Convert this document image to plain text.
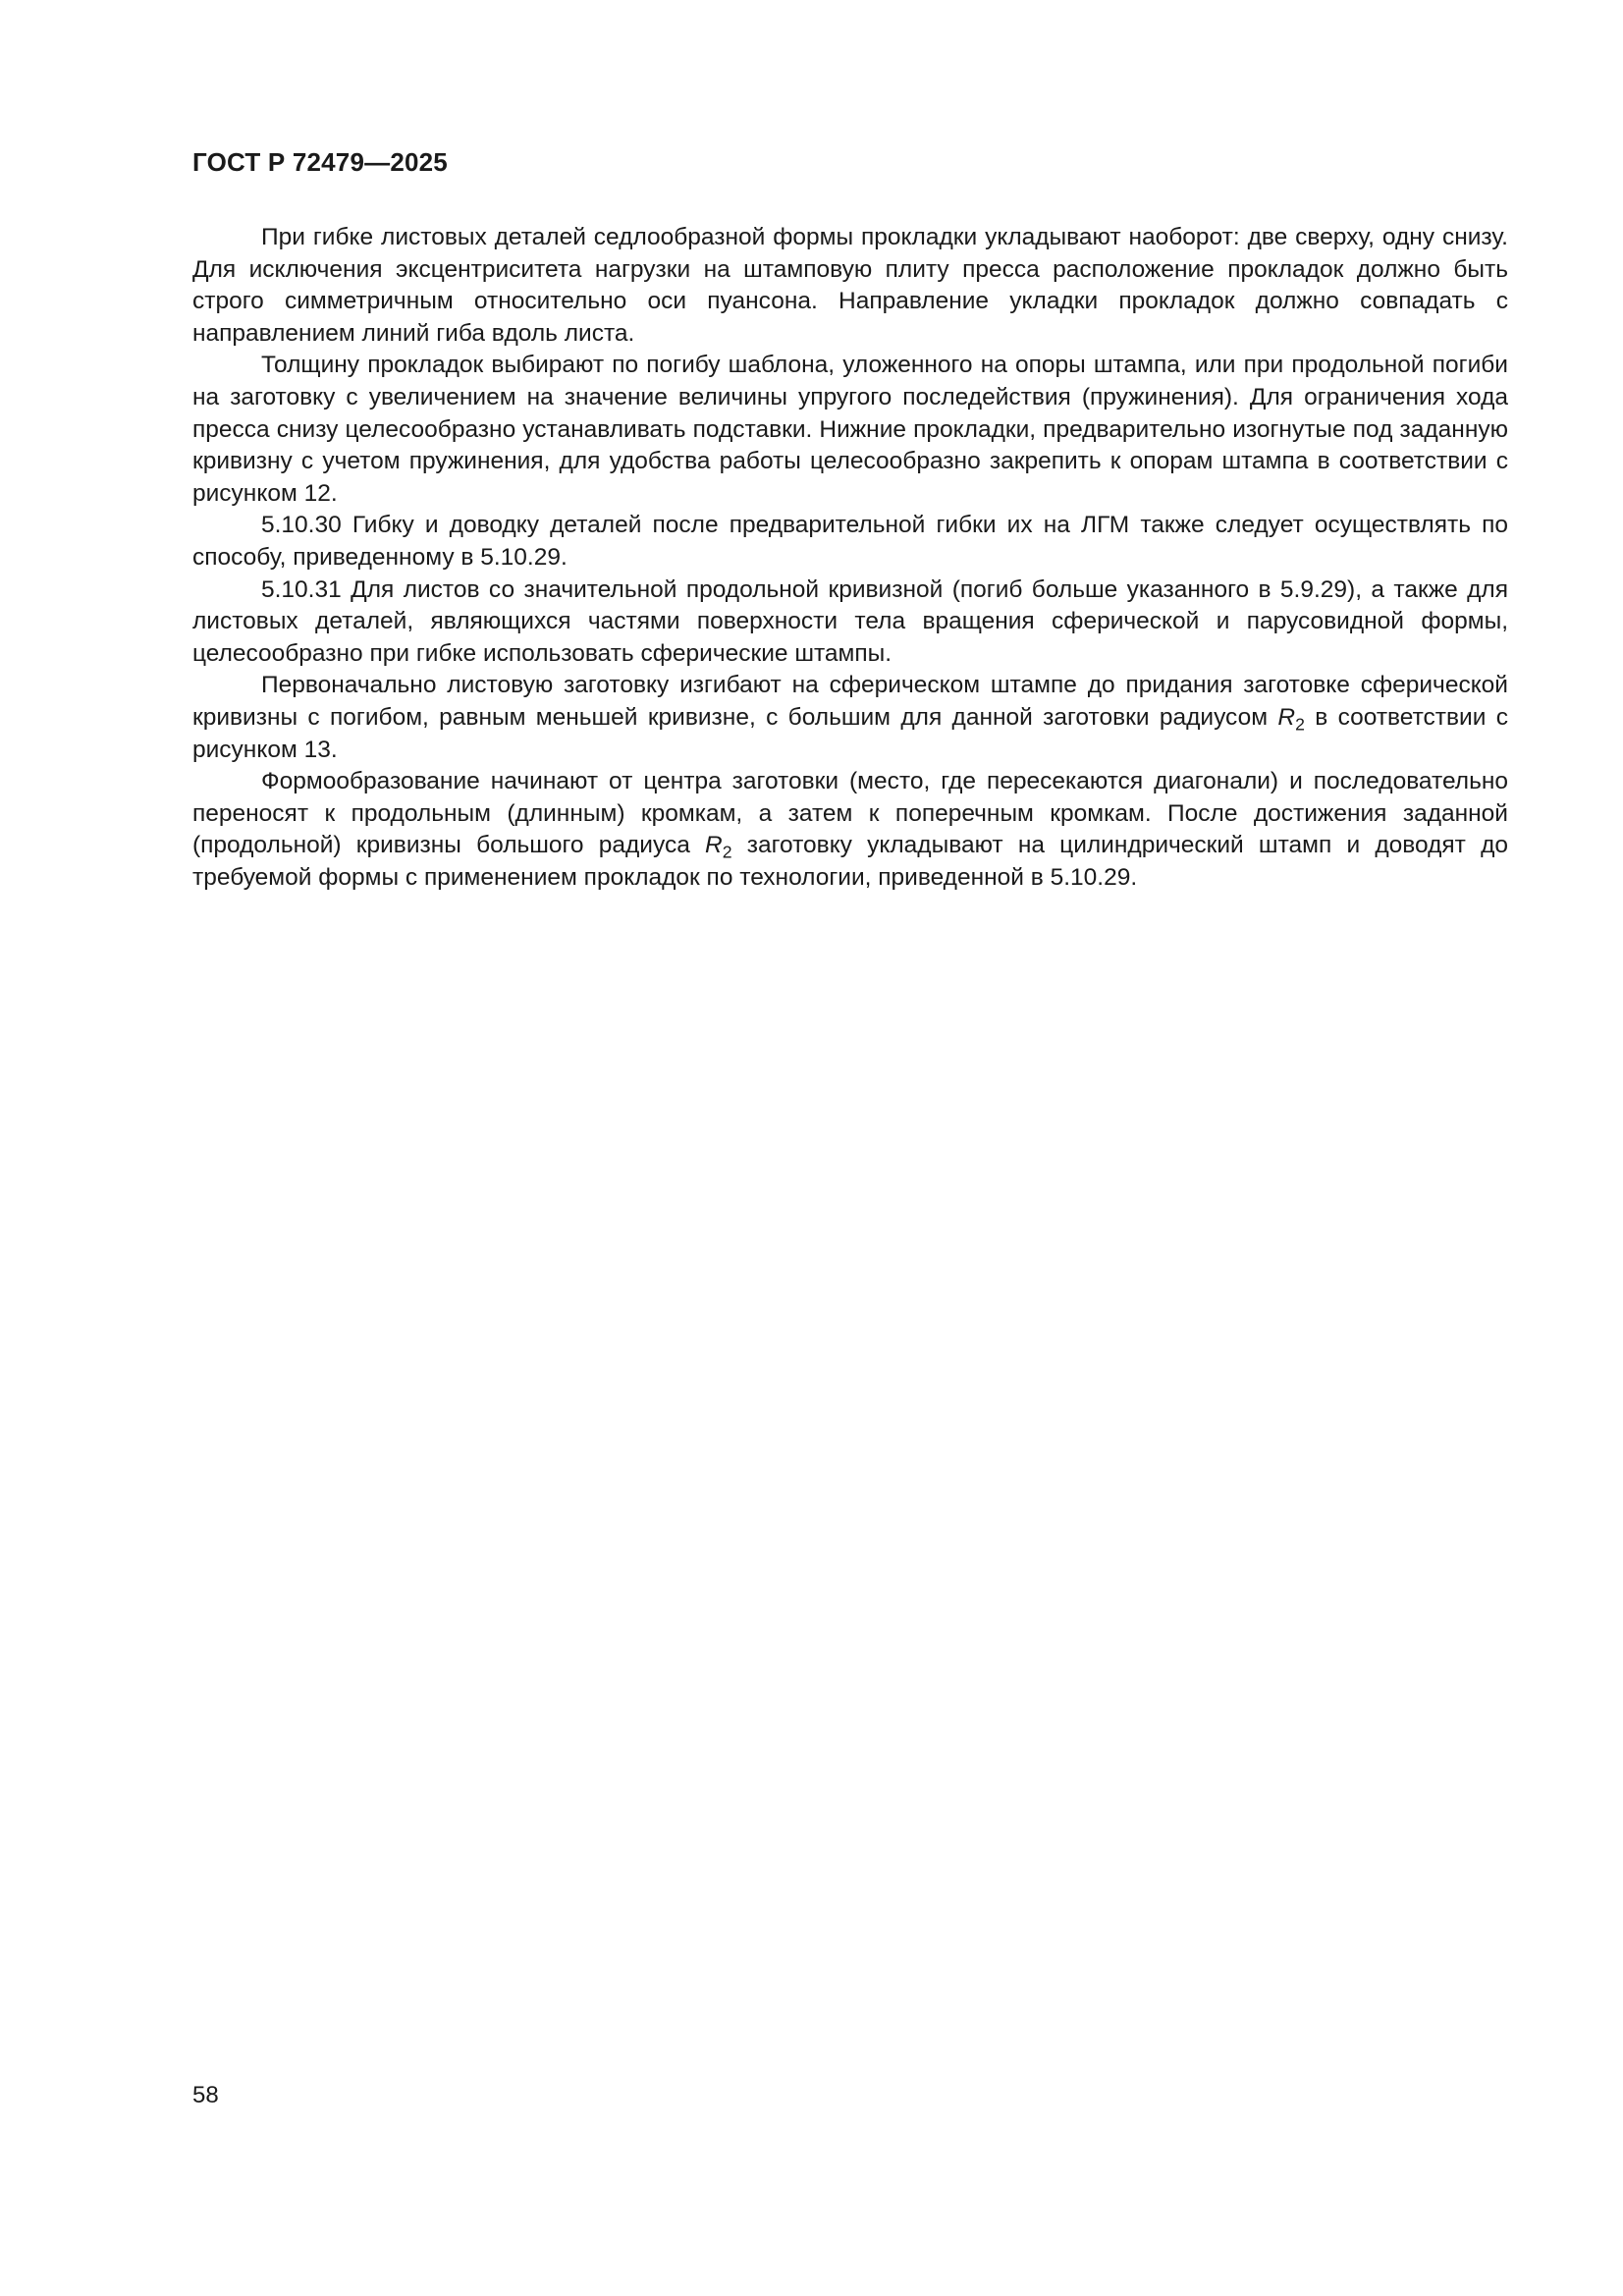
ГОСТ Р 72479—2025

При гибке листовых деталей седлообразной формы прокладки укладывают наоборот: две сверху, одну снизу. Для исключения эксцентриситета нагрузки на штамповую плиту пресса расположение прокладок должно быть строго симметричным относительно оси пуансона. Направление укладки прокладок должно совпадать с направлением линий гиба вдоль листа.

Толщину прокладок выбирают по погибу шаблона, уложенного на опоры штампа, или при продольной погиби на заготовку с увеличением на значение величины упругого последействия (пружинения). Для ограничения хода пресса снизу целесообразно устанавливать подставки. Нижние прокладки, предварительно изогнутые под заданную кривизну с учетом пружинения, для удобства работы целесообразно закрепить к опорам штампа в соответствии с рисунком 12.

5.10.30 Гибку и доводку деталей после предварительной гибки их на ЛГМ также следует осуществлять по способу, приведенному в 5.10.29.

5.10.31 Для листов со значительной продольной кривизной (погиб больше указанного в 5.9.29), а также для листовых деталей, являющихся частями поверхности тела вращения сферической и парусовидной формы, целесообразно при гибке использовать сферические штампы.

Первоначально листовую заготовку изгибают на сферическом штампе до придания заготовке сферической кривизны с погибом, равным меньшей кривизне, с большим для данной заготовки радиусом $R_2$ в соответствии с рисунком 13.

Формообразование начинают от центра заготовки (место, где пересекаются диагонали) и последовательно переносят к продольным (длинным) кромкам, а затем к поперечным кромкам. После достижения заданной (продольной) кривизны большого радиуса $R_2$ заготовку укладывают на цилиндрический штамп и доводят до требуемой формы с применением прокладок по технологии, приведенной в 5.10.29.

58
